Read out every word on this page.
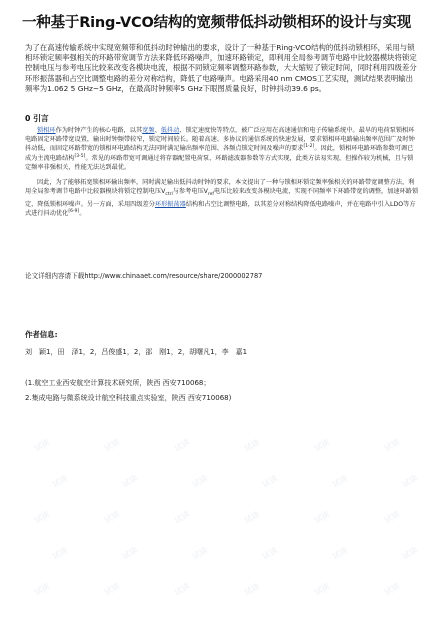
一种基于Ring-VCO结构的宽频带低抖动锁相环的设计与实现
为了在高速传输系统中实现宽频带和低抖动时钟输出的要求，设计了一种基于Ring-VCO结构的低抖动锁相环，采用与锁相环锁定频率强相关的环路带宽调节方法来降低环路噪声，加速环路锁定，即利用全局参考调节电路中比较器模块将锁定控制电压与参考电压比较来改变各模块电流，根据不同锁定频率调整环路参数，大大缩短了锁定时间，同时利用四级差分环形振荡器和占空比调整电路的差分对称结构，降低了电路噪声。电路采用40 nm CMOS工艺实现，测试结果表明输出频率为1.062 5 GHz~5 GHz，在最高时钟频率5 GHz下眼图质量良好，时钟抖动39.6 ps。
0 引言
锁相环作为时钟产生的核心电路，以其宽频、低抖动、锁定速度快等特点，被广泛应用在高速通信和电子传输系统中。最早的电荷泵锁相环电路固定环路带宽设置，输出时钟频带较窄，锁定时间较长。随着高速、多协议的通信系统的快速发展，要求锁相环电路输出频率范围广及时钟抖动低，而固定环路带宽的锁相环电路结构无法同时满足输出频率范围、各频点锁定时间及噪声的要求[1-2]。因此，锁相环电路环路参数可调已成为主流电路结构[3-5]。常见的环路带宽可调通过将存器配置电荷泵、环路滤波器参数等方式实现，此类方法易实现，但操作较为机械，且与锁定频率非强相关，性能无法达到最优。
因此，为了能够拓宽锁相环输出频率，同时满足输出低抖动时钟的要求，本文提出了一种与锁相环锁定频率强相关的环路带宽调整方法，利用全局参考调节电路中比较器模块将锁定控制电压$V_{ctrl}$与参考电压$V_{ref}$电压比较来改变各模块电流，实现不同频率下环路带宽的调整，加速环路锁定，降低锁相环噪声。另一方面，采用四级差分环形振荡器结构和占空比调整电路，以其差分对称结构降低电路噪声，并在电路中引入LDO等方式进行抖动优化[6-9]。
论文详细内容请下载http://www.chinaaet.com/resource/share/2000002787
作者信息:
刘　颖1，田　泽1，2，吕俊盛1，2，邵　刚1，2，胡曙凡1，李　嘉1
(1.航空工业西安航空计算技术研究所，陕西 西安710068；
2.集成电路与微系统设计航空科技重点实验室，陕西 西安710068)
试读	试读	试读	试读	试读	试读
试读	试读	试读	试读	试读	试读
试读	试读	试读	试读	试读	试读
试读	试读	试读	试读	试读	试读
试读	试读	试读	试读	试读	试读
